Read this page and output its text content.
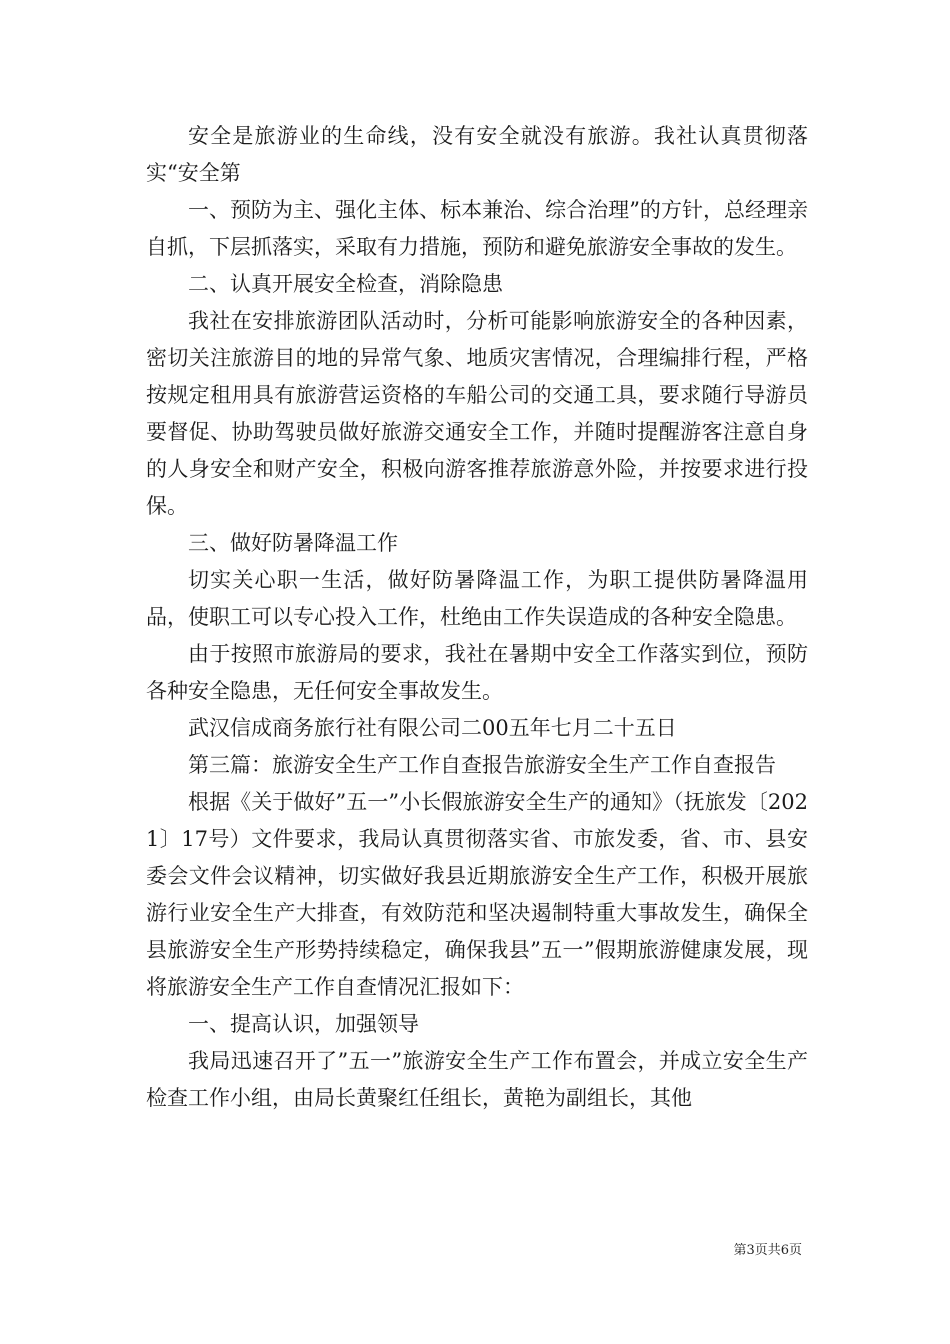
安全是旅游业的生命线，没有安全就没有旅游。我社认真贯彻落实“安全第

一、预防为主、强化主体、标本兼治、综合治理”的方针，总经理亲自抓，下层抓落实，采取有力措施，预防和避免旅游安全事故的发生。

二、认真开展安全检查，消除隐患

我社在安排旅游团队活动时，分析可能影响旅游安全的各种因素，密切关注旅游目的地的异常气象、地质灾害情况，合理编排行程，严格按规定租用具有旅游营运资格的车船公司的交通工具，要求随行导游员要督促、协助驾驶员做好旅游交通安全工作，并随时提醒游客注意自身的人身安全和财产安全，积极向游客推荐旅游意外险，并按要求进行投保。

三、做好防暑降温工作

切实关心职一生活，做好防暑降温工作，为职工提供防暑降温用品，使职工可以专心投入工作，杜绝由工作失误造成的各种安全隐患。

由于按照市旅游局的要求，我社在暑期中安全工作落实到位，预防各种安全隐患，无任何安全事故发生。

武汉信成商务旅行社有限公司二00五年七月二十五日

第三篇：旅游安全生产工作自查报告旅游安全生产工作自查报告

根据《关于做好”五一”小长假旅游安全生产的通知》（抚旅发〔2021〕17号）文件要求，我局认真贯彻落实省、市旅发委，省、市、县安委会文件会议精神，切实做好我县近期旅游安全生产工作，积极开展旅游行业安全生产大排查，有效防范和坚决遏制特重大事故发生，确保全县旅游安全生产形势持续稳定，确保我县”五一”假期旅游健康发展，现将旅游安全生产工作自查情况汇报如下：

一、提高认识，加强领导

我局迅速召开了”五一”旅游安全生产工作布置会，并成立安全生产检查工作小组，由局长黄聚红任组长，黄艳为副组长，其他

第3页共6页
